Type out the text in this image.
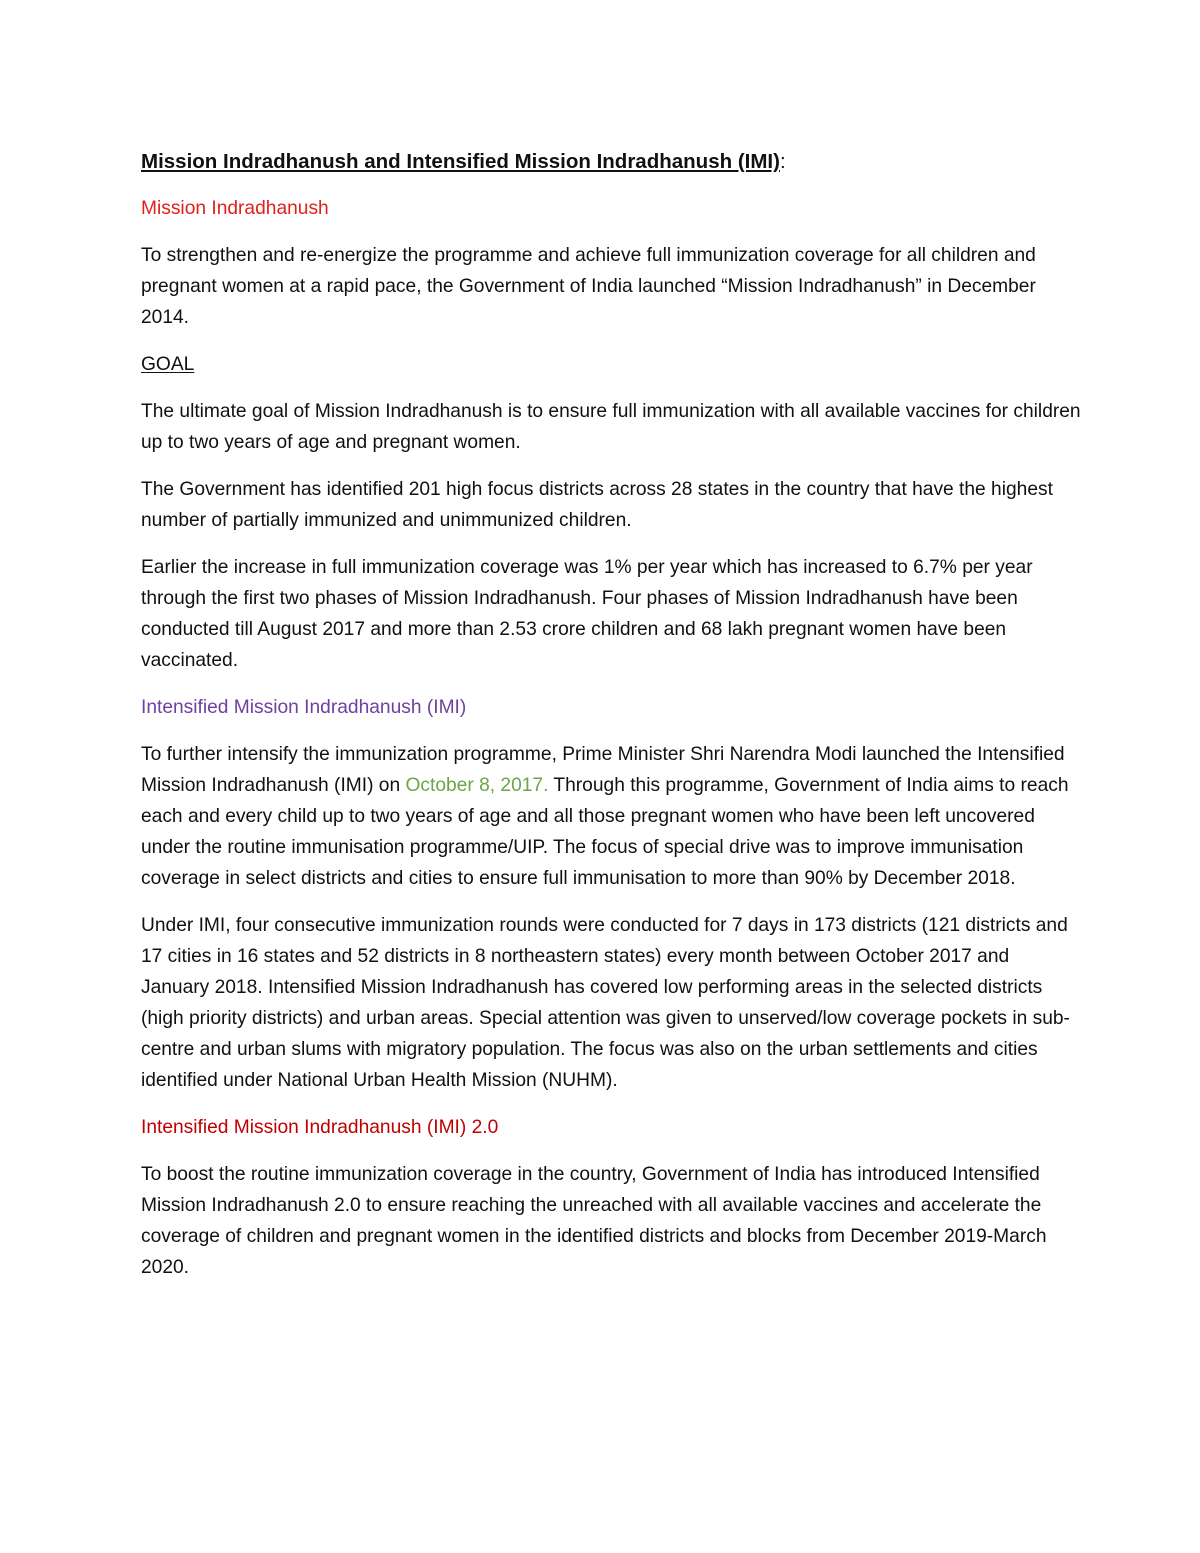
Mission Indradhanush and Intensified Mission Indradhanush (IMI):
Mission Indradhanush

To strengthen and re-energize the programme and achieve full immunization coverage for all children and pregnant women at a rapid pace, the Government of India launched “Mission Indradhanush” in December 2014.

GOAL

The ultimate goal of Mission Indradhanush is to ensure full immunization with all available vaccines for children up to two years of age and pregnant women.

The Government has identified 201 high focus districts across 28 states in the country that have the highest number of partially immunized and unimmunized children.

Earlier the increase in full immunization coverage was 1% per year which has increased to 6.7% per year through the first two phases of Mission Indradhanush. Four phases of Mission Indradhanush have been conducted till August 2017 and more than 2.53 crore children and 68 lakh pregnant women have been vaccinated.

Intensified Mission Indradhanush (IMI)

To further intensify the immunization programme, Prime Minister Shri Narendra Modi launched the Intensified Mission Indradhanush (IMI) on October 8, 2017. Through this programme, Government of India aims to reach each and every child up to two years of age and all those pregnant women who have been left uncovered under the routine immunisation programme/UIP. The focus of special drive was to improve immunisation coverage in select districts and cities to ensure full immunisation to more than 90% by December 2018.

Under IMI, four consecutive immunization rounds were conducted for 7 days in 173 districts (121 districts and 17 cities in 16 states and 52 districts in 8 northeastern states) every month between October 2017 and January 2018. Intensified Mission Indradhanush has covered low performing areas in the selected districts (high priority districts) and urban areas. Special attention was given to unserved/low coverage pockets in sub-centre and urban slums with migratory population. The focus was also on the urban settlements and cities identified under National Urban Health Mission (NUHM).

Intensified Mission Indradhanush (IMI) 2.0

To boost the routine immunization coverage in the country, Government of India has introduced Intensified Mission Indradhanush 2.0 to ensure reaching the unreached with all available vaccines and accelerate the coverage of children and pregnant women in the identified districts and blocks from December 2019-March 2020.
